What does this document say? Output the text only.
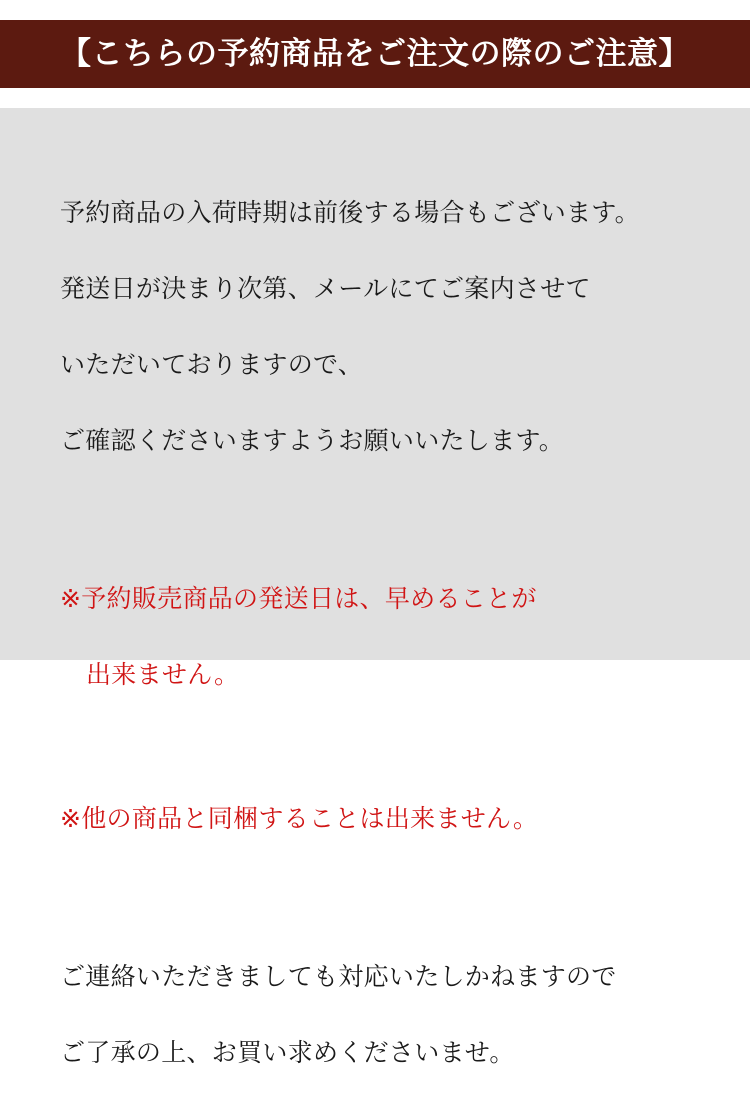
【こちらの予約商品をご注文の際のご注意】

予約商品の入荷時期は前後する場合もございます。

発送日が決まり次第、メールにてご案内させて

いただいておりますので、

ご確認くださいますようお願いいたします。

※予約販売商品の発送日は、早めることが

出来ません。

※他の商品と同梱することは出来ません。

ご連絡いただきましても対応いたしかねますので

ご了承の上、お買い求めくださいませ。
